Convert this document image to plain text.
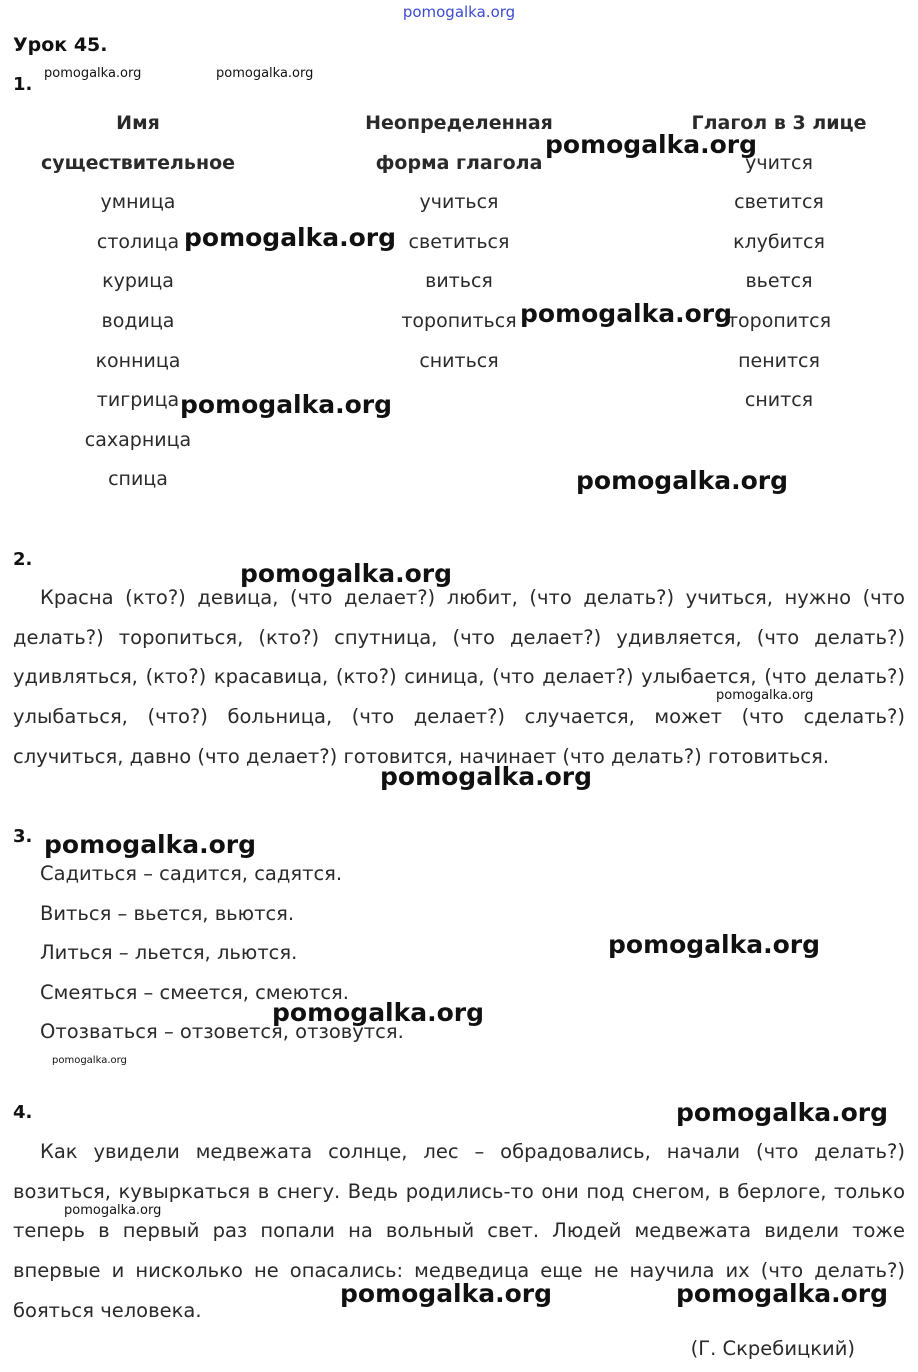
pomogalka.org
Урок 45.
1.
Имя
существительное
умница
столица
курица
водица
конница
тигрица
сахарница
спица
Неопределенная
форма глагола
учиться
светиться
виться
торопиться
сниться
Глагол в 3 лице
учится
светится
клубится
вьется
торопится
пенится
снится
2.
Красна (кто?) девица, (что делает?) любит, (что делать?) учиться, нужно (что делать?) торопиться, (кто?) спутница, (что делает?) удивляется, (что делать?) удивляться, (кто?) красавица, (кто?) синица, (что делает?) улыбается, (что делать?) улыбаться, (что?) больница, (что делает?) случается, может (что сделать?) случиться, давно (что делает?) готовится, начинает (что делать?) готовиться.
3.
Садиться – садится, садятся.
Виться – вьется, вьются.
Литься – льется, льются.
Смеяться – смеется, смеются.
Отозваться – отзовется, отзовутся.
4.
Как увидели медвежата солнце, лес – обрадовались, начали (что делать?) возиться, кувыркаться в снегу. Ведь родились-то они под снегом, в берлоге, только теперь в первый раз попали на вольный свет. Людей медвежата видели тоже впервые и нисколько не опасались: медведица еще не научила их (что делать?) бояться человека.
(Г. Скребицкий)
pomogalka.org	pomogalka.org
pomogalka.org
pomogalka.org
pomogalka.org
pomogalka.org
pomogalka.org
pomogalka.org
pomogalka.org
pomogalka.org
pomogalka.org
pomogalka.org
pomogalka.org
pomogalka.org
pomogalka.org
pomogalka.org
pomogalka.org	pomogalka.org
